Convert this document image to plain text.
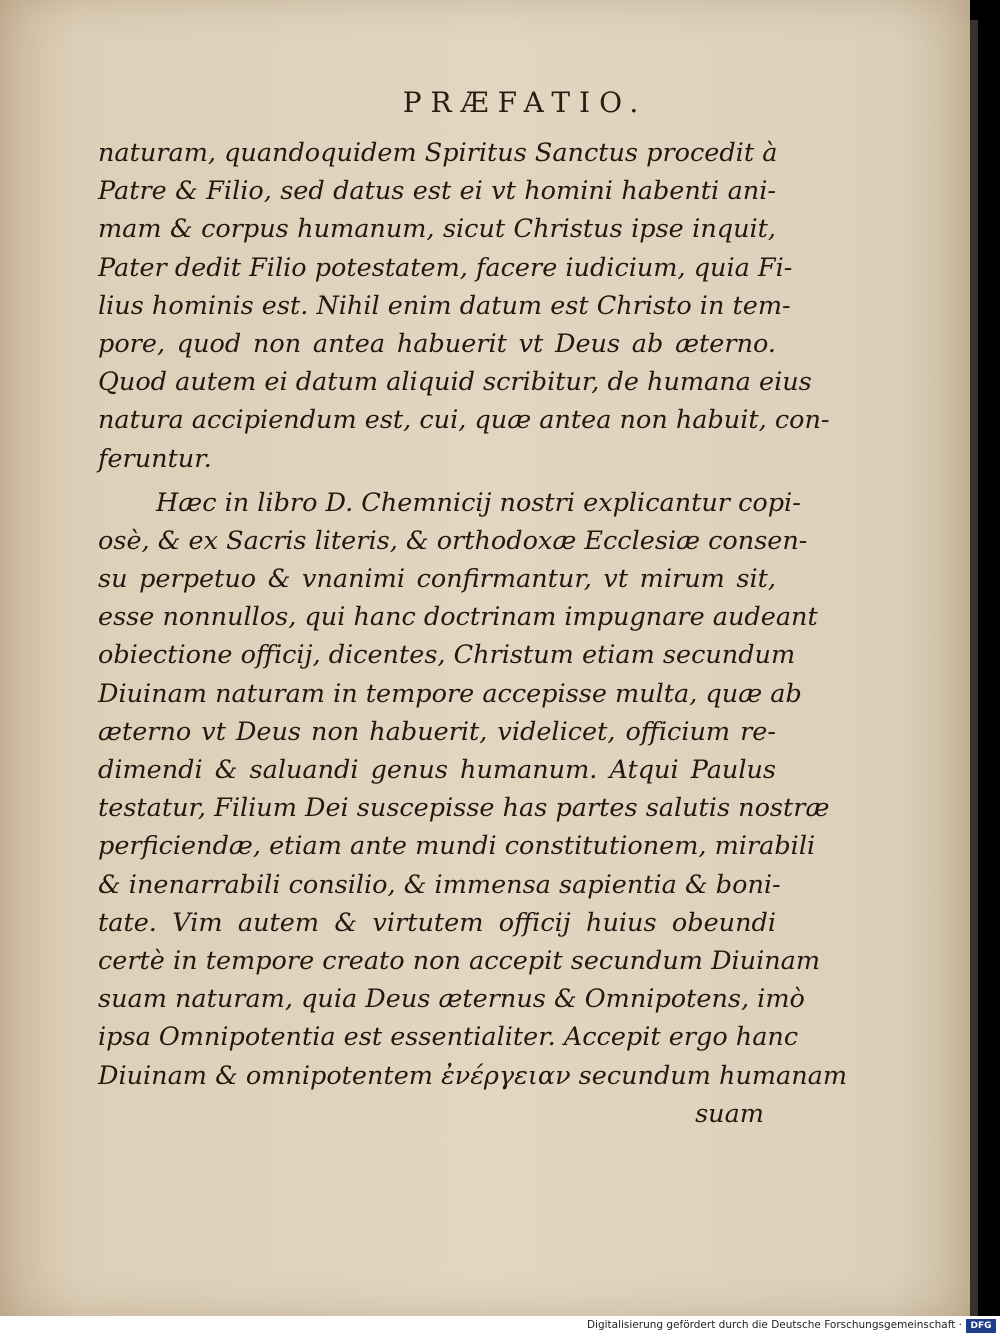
PRÆFATIO.
naturam, quandoquidem Spiritus Sanctus procedit à
Patre & Filio, sed datus est ei vt homini habenti ani-
mam & corpus humanum, sicut Christus ipse inquit,
Pater dedit Filio potestatem, facere iudicium, quia Fi-
lius hominis est. Nihil enim datum est Christo in tem-
pore, quod non antea habuerit vt Deus ab æterno.
Quod autem ei datum aliquid scribitur, de humana eius
natura accipiendum est, cui, quæ antea non habuit, con-
feruntur.
Hæc in libro D. Chemnicij nostri explicantur copi-
osè, & ex Sacris literis, & orthodoxæ Ecclesiæ consen-
su perpetuo & vnanimi confirmantur, vt mirum sit,
esse nonnullos, qui hanc doctrinam impugnare audeant
obiectione officij, dicentes, Christum etiam secundum
Diuinam naturam in tempore accepisse multa, quæ ab
æterno vt Deus non habuerit, videlicet, officium re-
dimendi & saluandi genus humanum. Atqui Paulus
testatur, Filium Dei suscepisse has partes salutis nostræ
perficiendæ, etiam ante mundi constitutionem, mirabili
& inenarrabili consilio, & immensa sapientia & boni-
tate. Vim autem & virtutem officij huius obeundi
certè in tempore creato non accepit secundum Diuinam
suam naturam, quia Deus æternus & Omnipotens, imò
ipsa Omnipotentia est essentialiter. Accepit ergo hanc
Diuinam & omnipotentem ἐνέργειαν secundum humanam
suam
Digitalisierung gefördert durch die Deutsche Forschungsgemeinschaft · DFG
